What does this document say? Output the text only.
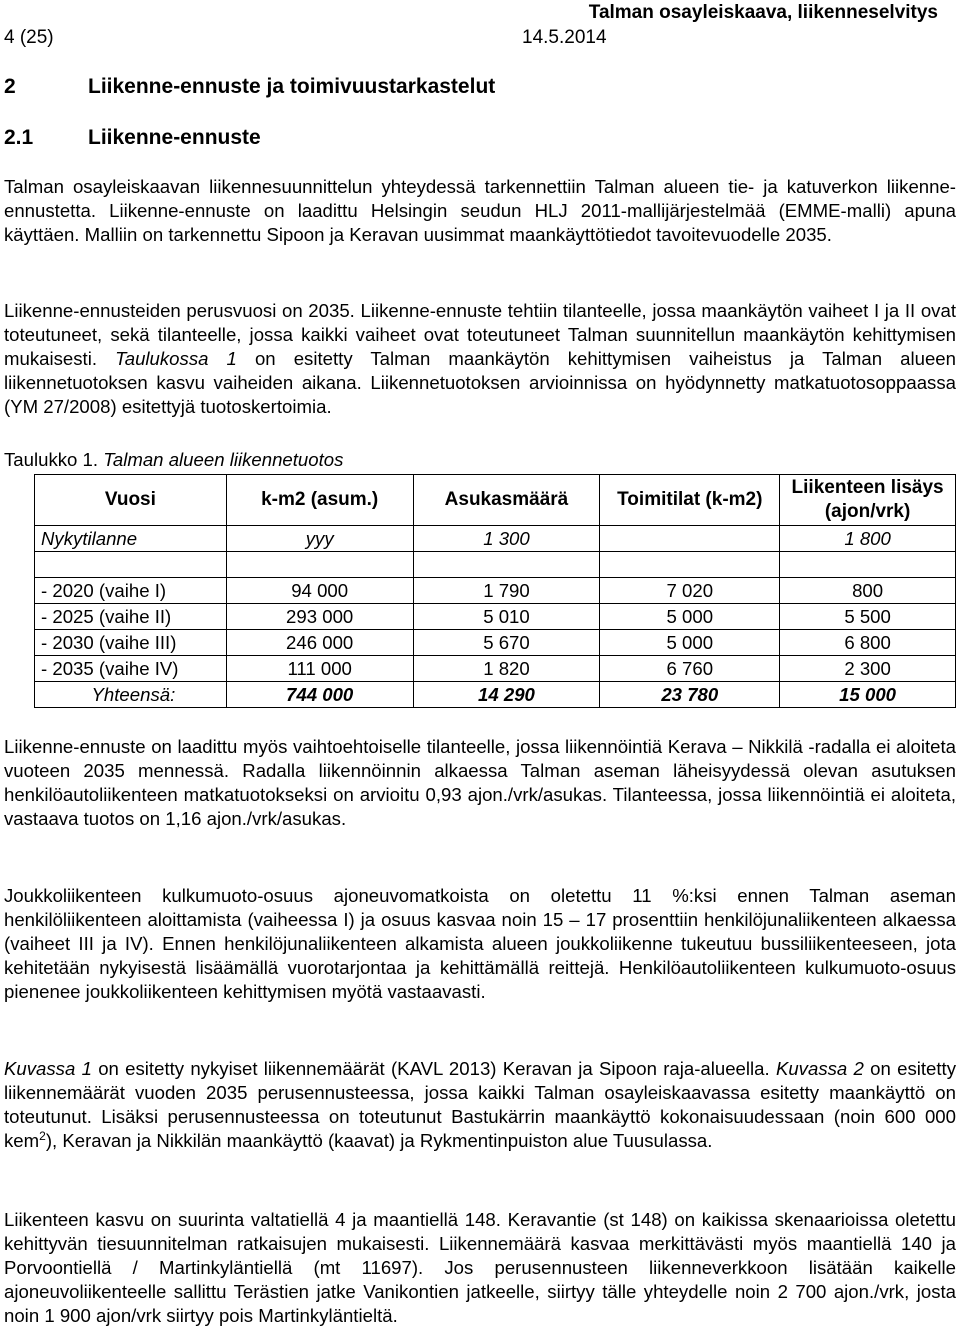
Talman osayleiskaava, liikenneselvitys
4 (25)	14.5.2014
2	Liikenne-ennuste ja toimivuustarkastelut
2.1	Liikenne-ennuste

Talman osayleiskaavan liikennesuunnittelun yhteydessä tarkennettiin Talman alueen tie- ja katuverkon liikenne-ennustetta. Liikenne-ennuste on laadittu Helsingin seudun HLJ 2011-mallijärjestelmää (EMME-malli) apuna käyttäen. Malliin on tarkennettu Sipoon ja Keravan uusimmat maankäyttötiedot tavoitevuodelle 2035.

Liikenne-ennusteiden perusvuosi on 2035. Liikenne-ennuste tehtiin tilanteelle, jossa maankäytön vaiheet I ja II ovat toteutuneet, sekä tilanteelle, jossa kaikki vaiheet ovat toteutuneet Talman suunnitellun maankäytön kehittymisen mukaisesti. Taulukossa 1 on esitetty Talman maankäytön kehittymisen vaiheistus ja Talman alueen liikennetuotoksen kasvu vaiheiden aikana. Liikennetuotoksen arvioinnissa on hyödynnetty matkatuotosoppaassa (YM 27/2008) esitettyjä tuotoskertoimia.

Taulukko 1. Talman alueen liikennetuotos
Vuosi	k-m2 (asum.)	Asukasmäärä	Toimitilat (k-m2)	Liikenteen lisäys (ajon/vrk)
Nykytilanne	yyy	1 300		1 800

- 2020 (vaihe I)	94 000	1 790	7 020	800
- 2025 (vaihe II)	293 000	5 010	5 000	5 500
- 2030 (vaihe III)	246 000	5 670	5 000	6 800
- 2035 (vaihe IV)	111 000	1 820	6 760	2 300
Yhteensä:	744 000	14 290	23 780	15 000

Liikenne-ennuste on laadittu myös vaihtoehtoiselle tilanteelle, jossa liikennöintiä Kerava – Nikkilä -radalla ei aloiteta vuoteen 2035 mennessä. Radalla liikennöinnin alkaessa Talman aseman läheisyydessä olevan asutuksen henkilöautoliikenteen matkatuotokseksi on arvioitu 0,93 ajon./vrk/asukas. Tilanteessa, jossa liikennöintiä ei aloiteta, vastaava tuotos on 1,16 ajon./vrk/asukas.

Joukkoliikenteen kulkumuoto-osuus ajoneuvomatkoista on oletettu 11 %:ksi ennen Talman aseman henkilöliikenteen aloittamista (vaiheessa I) ja osuus kasvaa noin 15 – 17 prosenttiin henkilöjunaliikenteen alkaessa (vaiheet III ja IV). Ennen henkilöjunaliikenteen alkamista alueen joukkoliikenne tukeutuu bussiliikenteeseen, jota kehitetään nykyisestä lisäämällä vuorotarjontaa ja kehittämällä reittejä. Henkilöautoliikenteen kulkumuoto-osuus pienenee joukkoliikenteen kehittymisen myötä vastaavasti.

Kuvassa 1 on esitetty nykyiset liikennemäärät (KAVL 2013) Keravan ja Sipoon raja-alueella. Kuvassa 2 on esitetty liikennemäärät vuoden 2035 perusennusteessa, jossa kaikki Talman osayleiskaavassa esitetty maankäyttö on toteutunut. Lisäksi perusennusteessa on toteutunut Bastukärrin maankäyttö kokonaisuudessaan (noin 600 000 kem$^2$), Keravan ja Nikkilän maankäyttö (kaavat) ja Rykmentinpuiston alue Tuusulassa.

Liikenteen kasvu on suurinta valtatiellä 4 ja maantiellä 148. Keravantie (st 148) on kaikissa skenaarioissa oletettu kehittyvän tiesuunnitelman ratkaisujen mukaisesti. Liikennemäärä kasvaa merkittävästi myös maantiellä 140 ja Porvoontiellä / Martinkyläntiellä (mt 11697). Jos perusennusteen liikenneverkkoon lisätään kaikelle ajoneuvoliikenteelle sallittu Terästien jatke Vanikontien jatkeelle, siirtyy tälle yhteydelle noin 2 700 ajon./vrk, josta noin 1 900 ajon/vrk siirtyy pois Martinkyläntieltä.
